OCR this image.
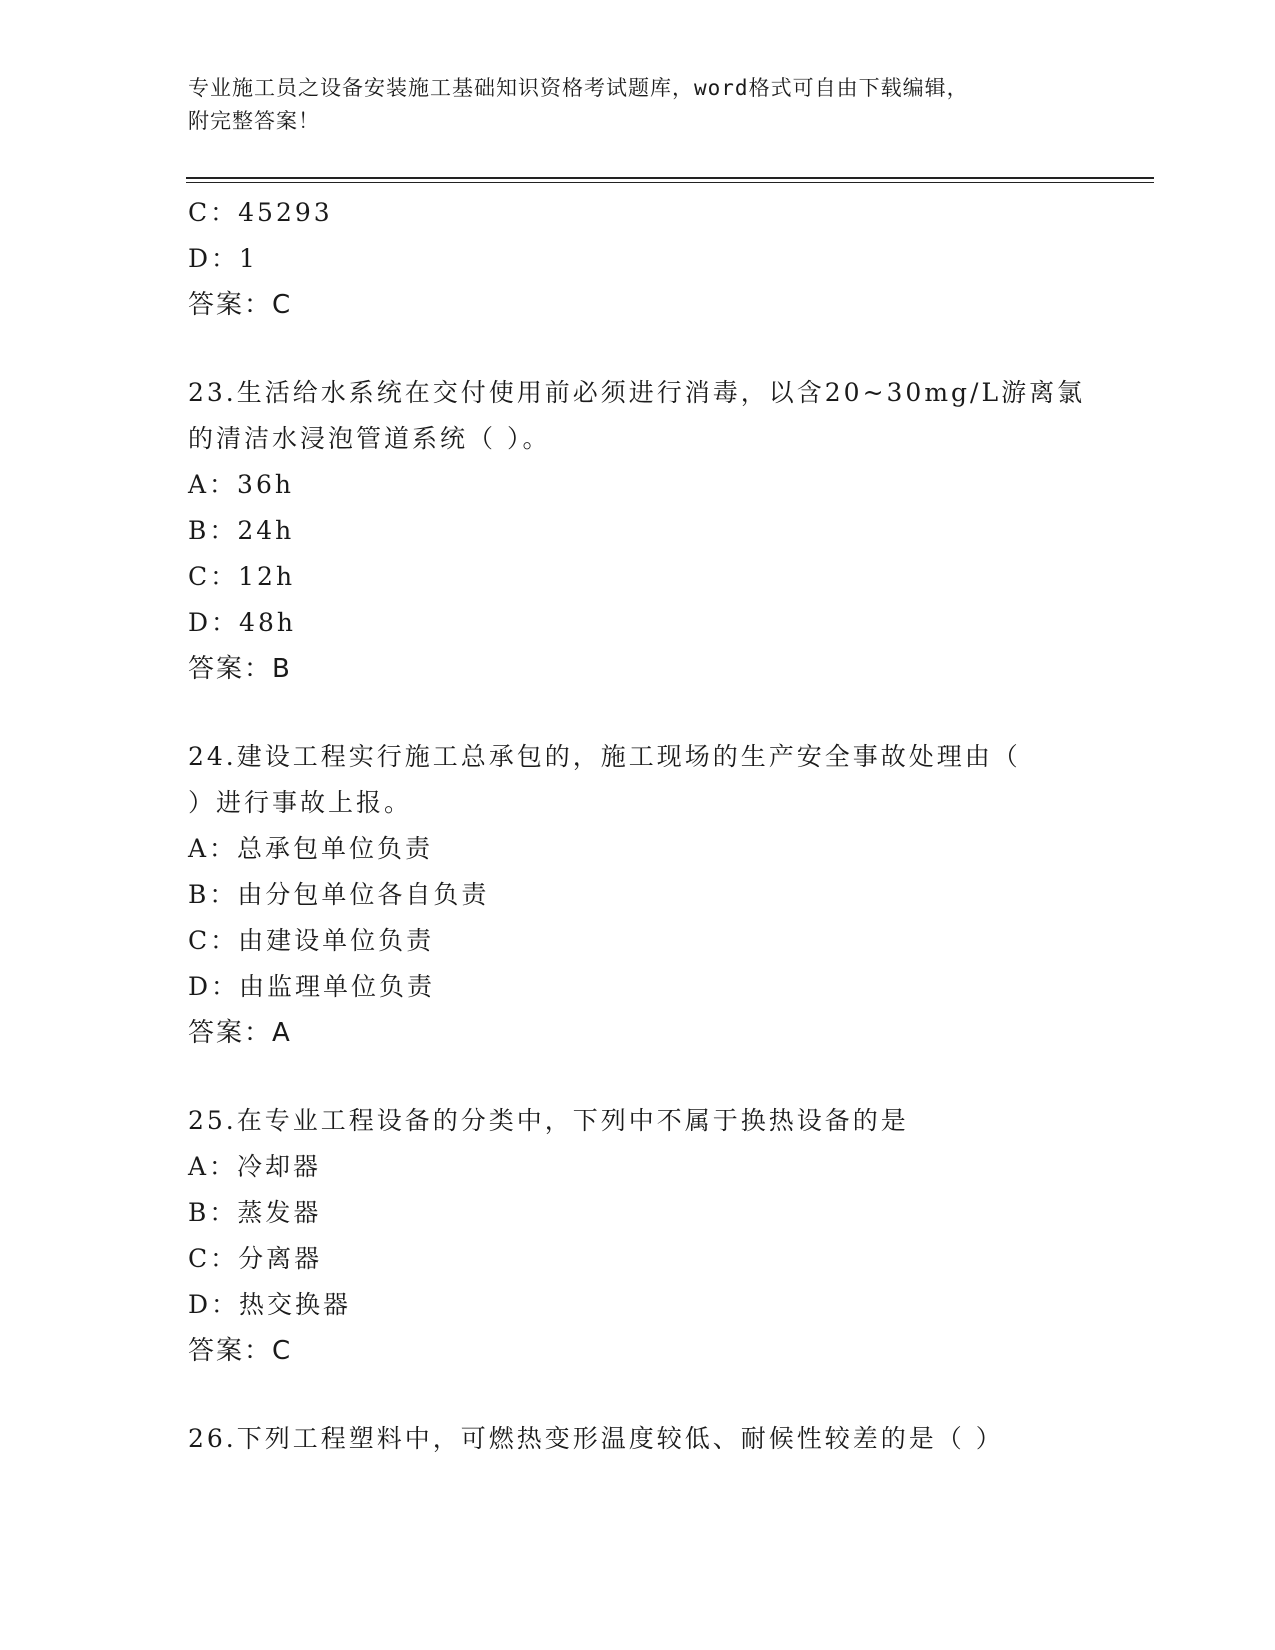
专业施工员之设备安装施工基础知识资格考试题库，word格式可自由下载编辑，
附完整答案！
C：45293
D：1
答案：C
23.生活给水系统在交付使用前必须进行消毒，以含20~30mg/L游离氯
的清洁水浸泡管道系统（ ）。
A：36h
B：24h
C：12h
D：48h
答案：B
24.建设工程实行施工总承包的，施工现场的生产安全事故处理由（
）进行事故上报。
A：总承包单位负责
B：由分包单位各自负责
C：由建设单位负责
D：由监理单位负责
答案：A
25.在专业工程设备的分类中，下列中不属于换热设备的是
A：冷却器
B：蒸发器
C：分离器
D：热交换器
答案：C
26.下列工程塑料中，可燃热变形温度较低、耐候性较差的是（ ）
